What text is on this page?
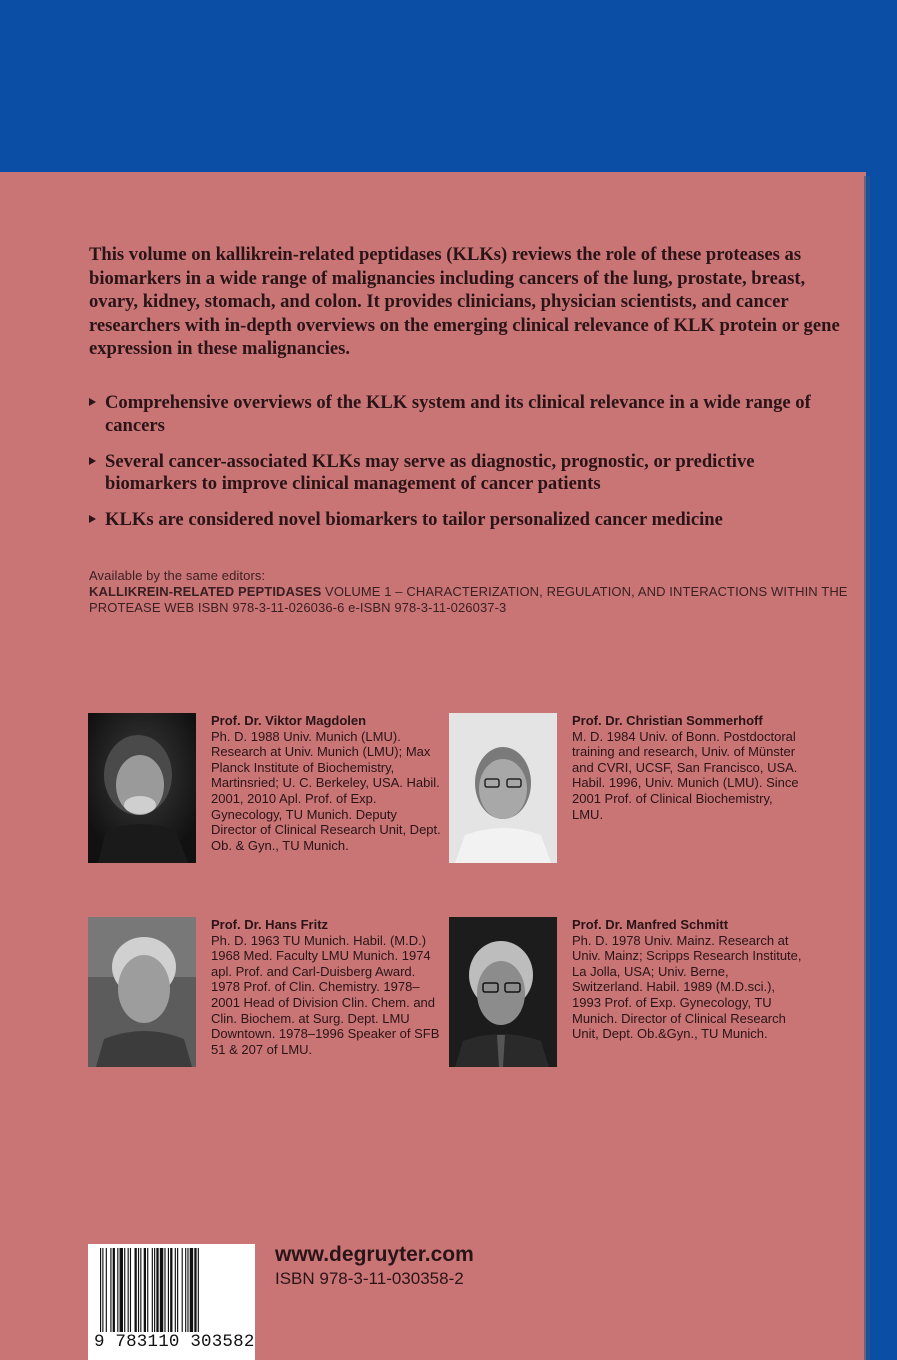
This volume on kallikrein-related peptidases (KLKs) reviews the role of these proteases as biomarkers in a wide range of malignancies including cancers of the lung, prostate, breast, ovary, kidney, stomach, and colon. It provides clinicians, physician scientists, and cancer researchers with in-depth overviews on the emerging clinical relevance of KLK protein or gene expression in these malignancies.
Comprehensive overviews of the KLK system and its clinical relevance in a wide range of cancers
Several cancer-associated KLKs may serve as diagnostic, prognostic, or predictive biomarkers to improve clinical management of cancer patients
KLKs are considered novel biomarkers to tailor personalized cancer medicine
Available by the same editors:
KALLIKREIN-RELATED PEPTIDASES VOLUME 1 – CHARACTERIZATION, REGULATION, AND INTERACTIONS WITHIN THE PROTEASE WEB ISBN 978-3-11-026036-6 e-ISBN 978-3-11-026037-3
Prof. Dr. Viktor Magdolen
Ph. D. 1988 Univ. Munich (LMU). Research at Univ. Munich (LMU); Max Planck Institute of Biochemistry, Martinsried; U. C. Berkeley, USA. Habil. 2001, 2010 Apl. Prof. of Exp. Gynecology, TU Munich. Deputy Director of Clinical Research Unit, Dept. Ob. & Gyn., TU Munich.
Prof. Dr. Christian Sommerhoff
M. D. 1984 Univ. of Bonn. Postdoctoral training and research, Univ. of Münster and CVRI, UCSF, San Francisco, USA. Habil. 1996, Univ. Munich (LMU). Since 2001 Prof. of Clinical Biochemistry, LMU.
Prof. Dr. Hans Fritz
Ph. D. 1963 TU Munich. Habil. (M.D.) 1968 Med. Faculty LMU Munich. 1974 apl. Prof. and Carl-Duisberg Award. 1978 Prof. of Clin. Chemistry. 1978–2001 Head of Division Clin. Chem. and Clin. Biochem. at Surg. Dept. LMU Downtown. 1978–1996 Speaker of SFB 51 & 207 of LMU.
Prof. Dr. Manfred Schmitt
Ph. D. 1978 Univ. Mainz. Research at Univ. Mainz; Scripps Research Institute, La Jolla, USA; Univ. Berne, Switzerland. Habil. 1989 (M.D.sci.), 1993 Prof. of Exp. Gynecology, TU Munich. Director of Clinical Research Unit, Dept. Ob.&Gyn., TU Munich.
9 783110 303582
www.degruyter.com
ISBN 978-3-11-030358-2
